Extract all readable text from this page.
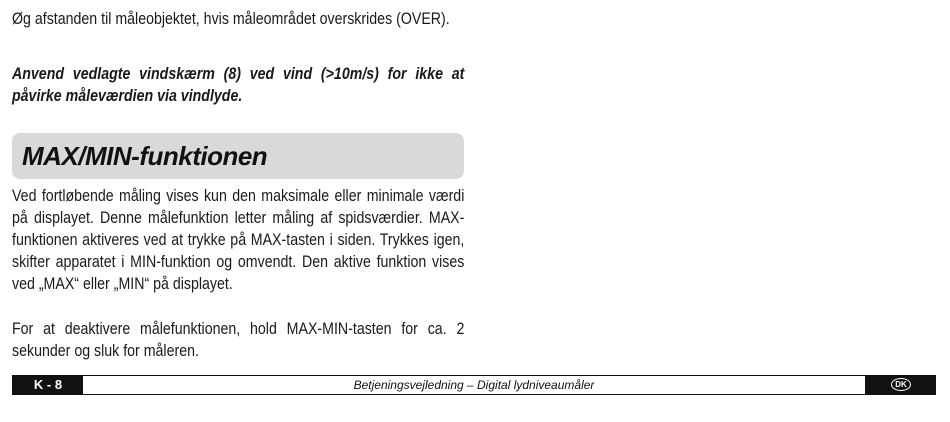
Øg afstanden til måleobjektet, hvis måleområdet overskrides (OVER).

Anvend vedlagte vindskærm (8) ved vind (>10m/s) for ikke at påvirke måleværdien via vindlyde.

MAX/MIN-funktionen

Ved fortløbende måling vises kun den maksimale eller minimale værdi på displayet. Denne målefunktion letter måling af spidsværdier. MAX-funktionen aktiveres ved at trykke på MAX-tasten i siden. Trykkes igen, skifter apparatet i MIN-funktion og omvendt. Den aktive funktion vises ved „MAX“ eller „MIN“ på displayet.

For at deaktivere målefunktionen, hold MAX-MIN-tasten for ca. 2 sekunder og sluk for måleren.

K - 8	Betjeningsvejledning – Digital lydniveaumåler	DK
